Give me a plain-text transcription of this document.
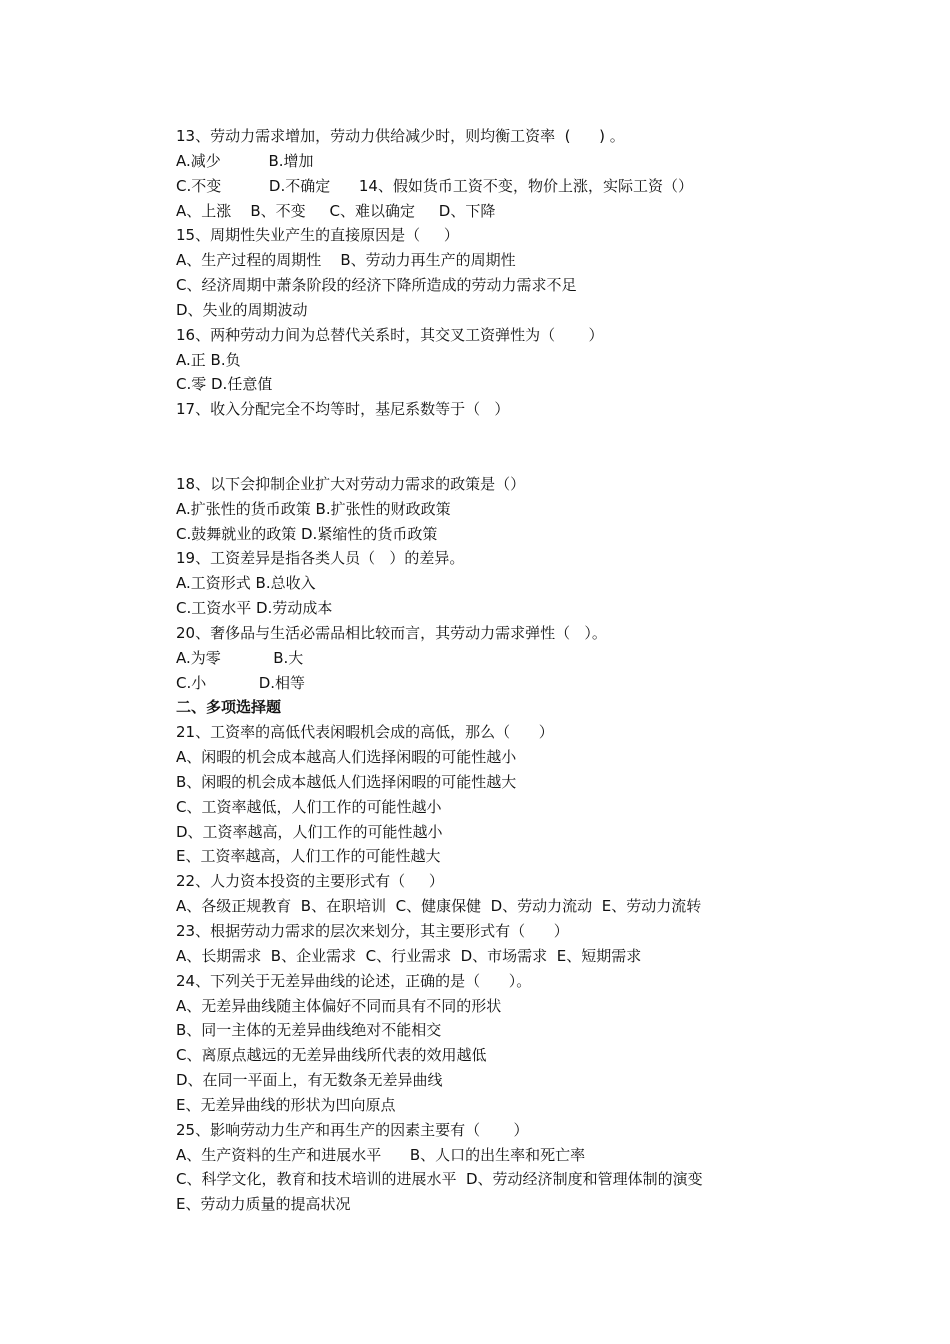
13、劳动力需求增加，劳动力供给减少时，则均衡工资率  (      ) 。
A.减少          B.增加
C.不变          D.不确定      14、假如货币工资不变，物价上涨，实际工资（）
A、上涨    B、不变     C、难以确定     D、下降
15、周期性失业产生的直接原因是（     ）
A、生产过程的周期性    B、劳动力再生产的周期性
C、经济周期中萧条阶段的经济下降所造成的劳动力需求不足
D、失业的周期波动
16、两种劳动力间为总替代关系时，其交叉工资弹性为（       ）
A.正 B.负
C.零 D.任意值
17、收入分配完全不均等时，基尼系数等于（   ）
18、以下会抑制企业扩大对劳动力需求的政策是（）
A.扩张性的货币政策 B.扩张性的财政政策
C.鼓舞就业的政策 D.紧缩性的货币政策
19、工资差异是指各类人员（   ）的差异。
A.工资形式 B.总收入
C.工资水平 D.劳动成本
20、奢侈品与生活必需品相比较而言，其劳动力需求弹性（   ）。
A.为零           B.大
C.小           D.相等
二、多项选择题
21、工资率的高低代表闲暇机会成的高低，那么（      ）
A、闲暇的机会成本越高人们选择闲暇的可能性越小
B、闲暇的机会成本越低人们选择闲暇的可能性越大
C、工资率越低，人们工作的可能性越小
D、工资率越高，人们工作的可能性越小
E、工资率越高，人们工作的可能性越大
22、人力资本投资的主要形式有（     ）
A、各级正规教育  B、在职培训  C、健康保健  D、劳动力流动  E、劳动力流转
23、根据劳动力需求的层次来划分，其主要形式有（      ）
A、长期需求  B、企业需求  C、行业需求  D、市场需求  E、短期需求
24、下列关于无差异曲线的论述，正确的是（      ）。
A、无差异曲线随主体偏好不同而具有不同的形状
B、同一主体的无差异曲线绝对不能相交
C、离原点越远的无差异曲线所代表的效用越低
D、在同一平面上，有无数条无差异曲线
E、无差异曲线的形状为凹向原点
25、影响劳动力生产和再生产的因素主要有（       ）
A、生产资料的生产和进展水平      B、人口的出生率和死亡率
C、科学文化，教育和技术培训的进展水平  D、劳动经济制度和管理体制的演变
E、劳动力质量的提高状况
